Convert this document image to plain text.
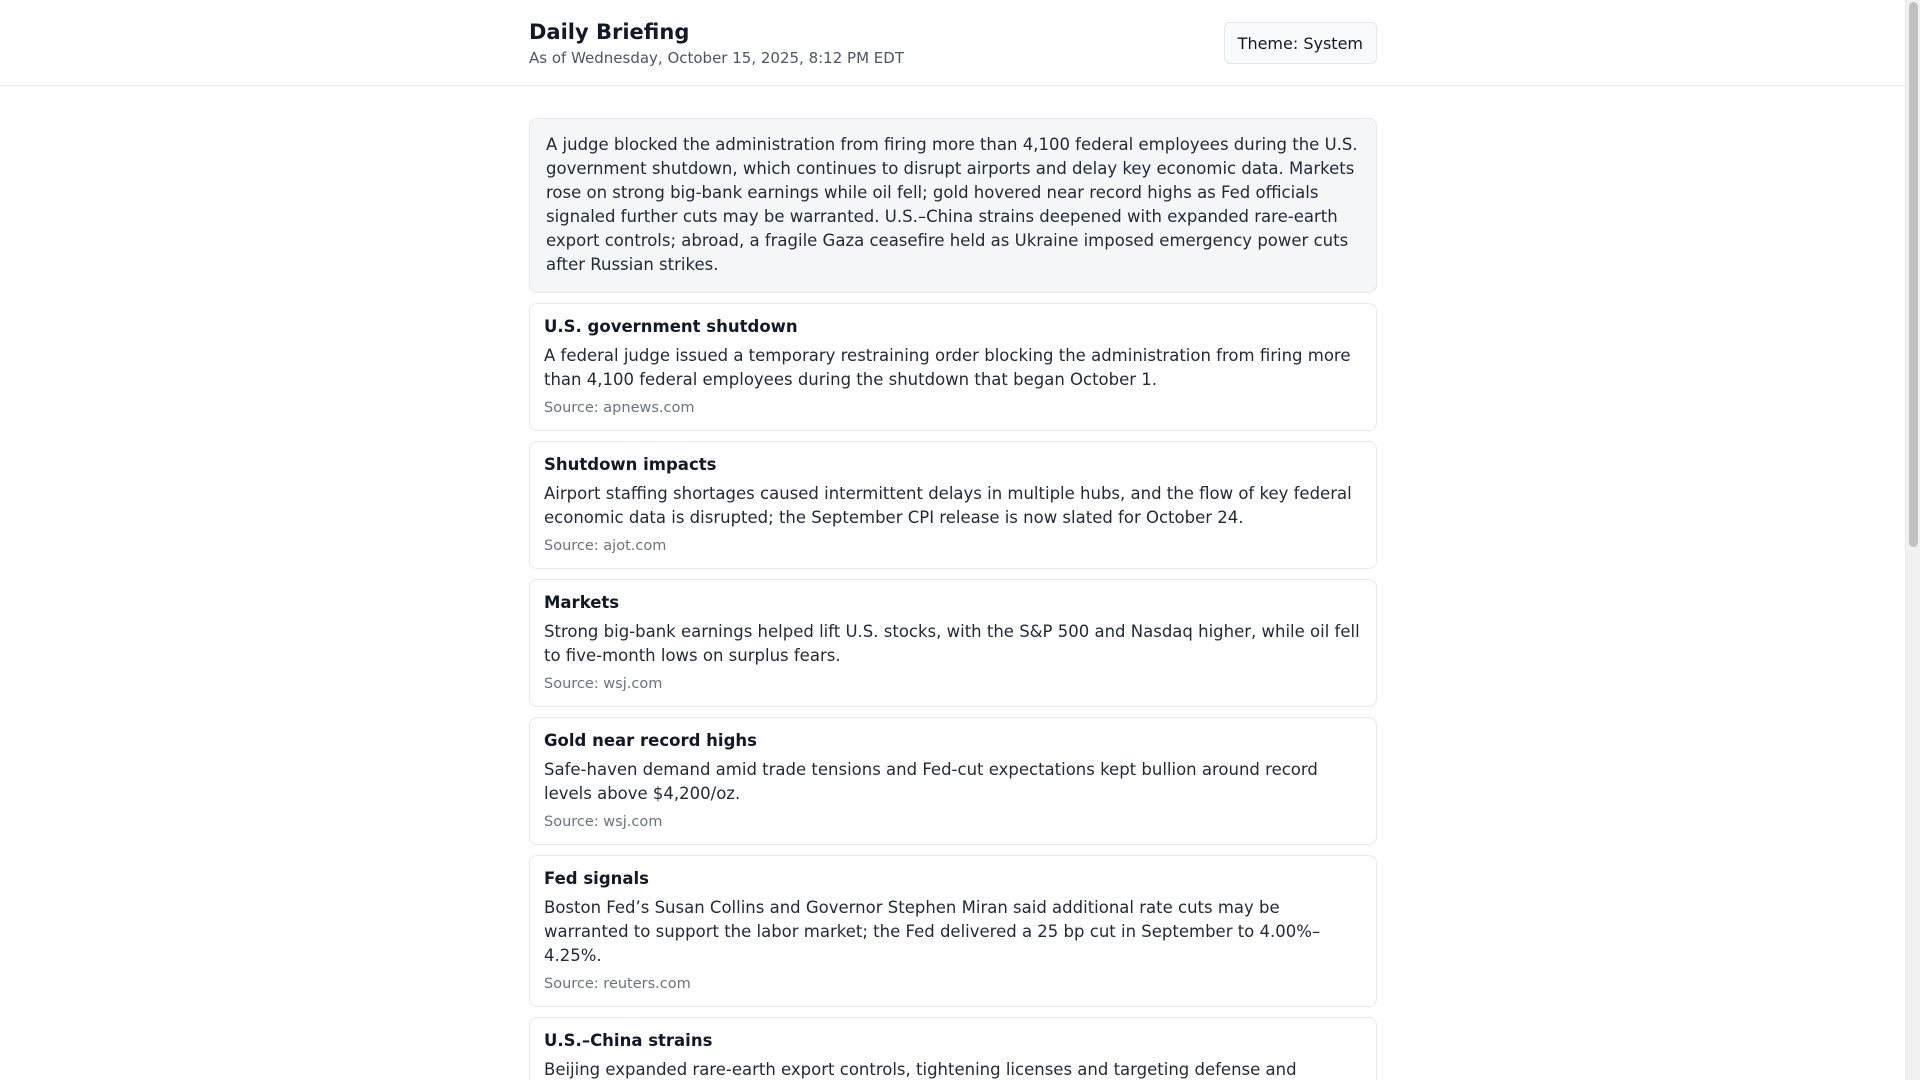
Daily Briefing
As of Wednesday, October 15, 2025, 8:12 PM EDT
Theme: System
A judge blocked the administration from firing more than 4,100 federal employees during the U.S. government shutdown, which continues to disrupt airports and delay key economic data. Markets rose on strong big-bank earnings while oil fell; gold hovered near record highs as Fed officials signaled further cuts may be warranted. U.S.–China strains deepened with expanded rare-earth export controls; abroad, a fragile Gaza ceasefire held as Ukraine imposed emergency power cuts after Russian strikes.
U.S. government shutdown
A federal judge issued a temporary restraining order blocking the administration from firing more than 4,100 federal employees during the shutdown that began October 1.
Source: apnews.com
Shutdown impacts
Airport staffing shortages caused intermittent delays in multiple hubs, and the flow of key federal economic data is disrupted; the September CPI release is now slated for October 24.
Source: ajot.com
Markets
Strong big-bank earnings helped lift U.S. stocks, with the S&P 500 and Nasdaq higher, while oil fell to five-month lows on surplus fears.
Source: wsj.com
Gold near record highs
Safe-haven demand amid trade tensions and Fed-cut expectations kept bullion around record levels above $4,200/oz.
Source: wsj.com
Fed signals
Boston Fed’s Susan Collins and Governor Stephen Miran said additional rate cuts may be warranted to support the labor market; the Fed delivered a 25 bp cut in September to 4.00%–4.25%.
Source: reuters.com
U.S.–China strains
Beijing expanded rare-earth export controls, tightening licenses and targeting defense and
